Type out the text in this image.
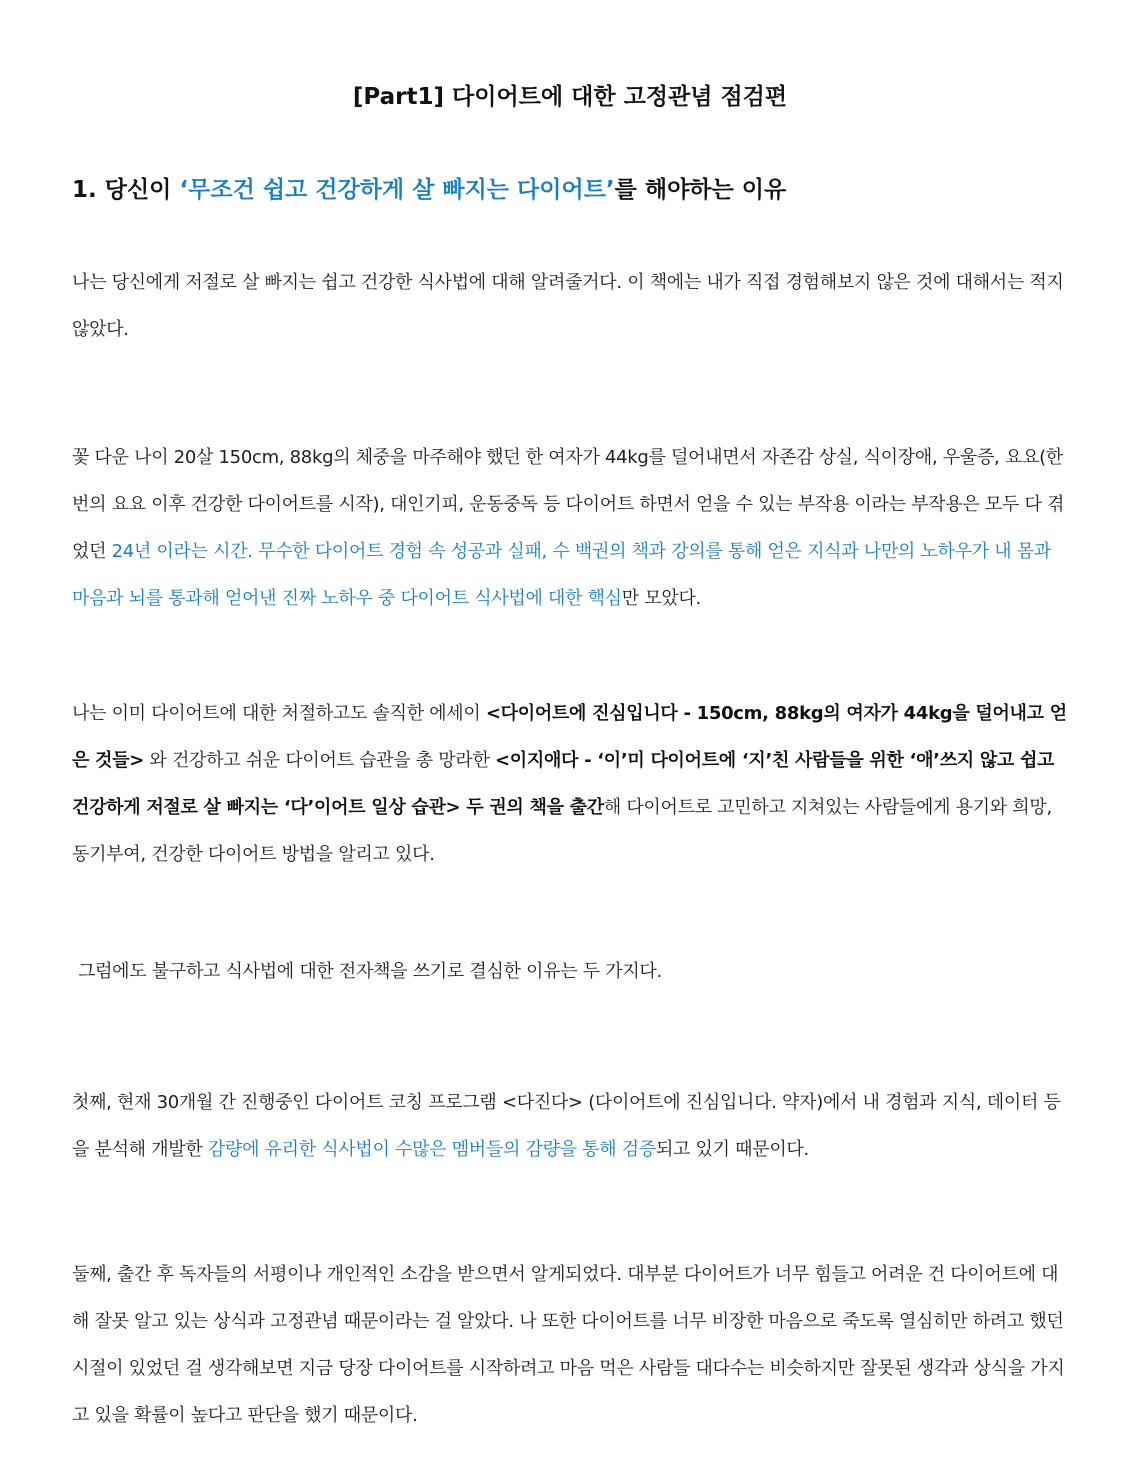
[Part1] 다이어트에 대한 고정관념 점검편
1. 당신이 ‘무조건 쉽고 건강하게 살 빠지는 다이어트’를 해야하는 이유

나는 당신에게 저절로 살 빠지는 쉽고 건강한 식사법에 대해 알려줄거다. 이 책에는 내가 직접 경험해보지 않은 것에 대해서는 적지 않았다.

꽃 다운 나이 20살 150cm, 88kg의 체중을 마주해야 했던 한 여자가 44kg를 덜어내면서 자존감 상실, 식이장애, 우울증, 요요(한 번의 요요 이후 건강한 다이어트를 시작), 대인기피, 운동중독 등 다이어트 하면서 얻을 수 있는 부작용 이라는 부작용은 모두 다 겪었던 24년 이라는 시간. 무수한 다이어트 경험 속 성공과 실패, 수 백권의 책과 강의를 통해 얻은 지식과 나만의 노하우가 내 몸과 마음과 뇌를 통과해 얻어낸 진짜 노하우 중 다이어트 식사법에 대한 핵심만 모았다.

나는 이미 다이어트에 대한 처절하고도 솔직한 에세이 <다이어트에 진심입니다 - 150cm, 88kg의 여자가 44kg을 덜어내고 얻은 것들> 와 건강하고 쉬운 다이어트 습관을 총 망라한 <이지애다 - ‘이’미 다이어트에 ‘지’친 사람들을 위한 ‘애’쓰지 않고 쉽고 건강하게 저절로 살 빠지는 ‘다’이어트 일상 습관> 두 권의 책을 출간해 다이어트로 고민하고 지쳐있는 사람들에게 용기와 희망, 동기부여, 건강한 다이어트 방법을 알리고 있다.

그럼에도 불구하고 식사법에 대한 전자책을 쓰기로 결심한 이유는 두 가지다.

첫째, 현재 30개월 간 진행중인 다이어트 코칭 프로그램 <다진다> (다이어트에 진심입니다. 약자)에서 내 경험과 지식, 데이터 등을 분석해 개발한 감량에 유리한 식사법이 수많은 멤버들의 감량을 통해 검증되고 있기 때문이다.

둘째, 출간 후 독자들의 서평이나 개인적인 소감을 받으면서 알게되었다. 대부분 다이어트가 너무 힘들고 어려운 건 다이어트에 대해 잘못 알고 있는 상식과 고정관념 때문이라는 걸 알았다. 나 또한 다이어트를 너무 비장한 마음으로 죽도록 열심히만 하려고 했던 시절이 있었던 걸 생각해보면 지금 당장 다이어트를 시작하려고 마음 먹은 사람들 대다수는 비슷하지만 잘못된 생각과 상식을 가지고 있을 확률이 높다고 판단을 했기 때문이다.
